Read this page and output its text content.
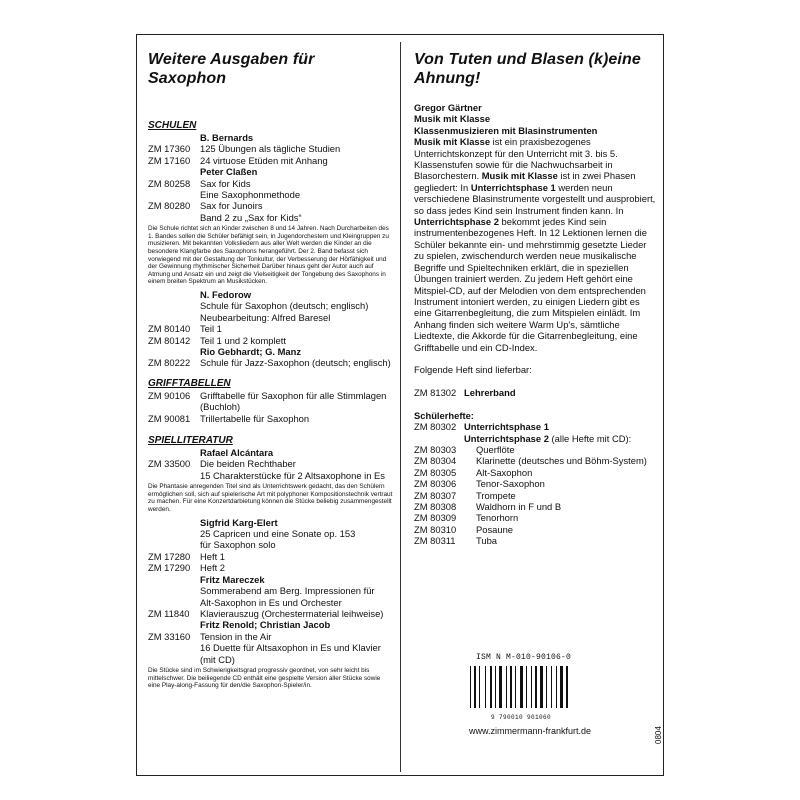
Weitere Ausgaben für Saxophon
SCHULEN
B. Bernards
ZM 17360	125 Übungen als tägliche Studien
ZM 17160	24 virtuose Etüden mit Anhang
Peter Claßen
ZM 80258	Sax for Kids
Eine Saxophonmethode
ZM 80280	Sax for Junoirs
Band 2 zu „Sax for Kids“
Die Schule richtet sich an Kinder zwischen 8 und 14 Jahren. Nach Durcharbeiten des 1. Bandes sollen die Schüler befähigt sein, in Jugendorchestern und Kleingruppen zu musizieren. Mit bekannten Volksliedern aus aller Welt werden die Kinder an die besondere Klangfarbe des Saxophons herangeführt. Der 2. Band befasst sich vorwiegend mit der Gestaltung der Tonkultur, der Verbesserung der Hörfähigkeit und der Gewinnung rhythmischer Sicherheit Darüber hinaus geht der Autor auch auf Atmung und Ansatz ein und zeigt die Vielseitigkeit der Tongebung des Saxophons in einem breiten Spektrum an Musikstücken.
N. Fedorow
Schule für Saxophon (deutsch; englisch)
Neubearbeitung: Alfred Baresel
ZM 80140	Teil 1
ZM 80142	Teil 1 und 2 komplett
Rio Gebhardt; G. Manz
ZM 80222	Schule für Jazz-Saxophon (deutsch; englisch)
GRIFFTABELLEN
ZM 90106	Grifftabelle für Saxophon für alle Stimmlagen
(Buchloh)
ZM 90081	Trillertabelle für Saxophon
SPIELLITERATUR
Rafael Alcántara
ZM 33500	Die beiden Rechthaber
15 Charakterstücke für 2 Altsaxophone in Es
Die Phantasie anregenden Titel sind als Unterrichtswerk gedacht, das den Schülern ermöglichen soll, sich auf spielerische Art mit polyphoner Kompositionstechnik vertraut zu machen. Für eine Konzertdarbietung können die Stücke beliebig zusammengestellt werden.
Sigfrid Karg-Elert
25 Capricen und eine Sonate op. 153
für Saxophon solo
ZM 17280	Heft 1
ZM 17290	Heft 2
Fritz Mareczek
Sommerabend am Berg. Impressionen für
Alt-Saxophon in Es und Orchester
ZM 11840	Klavierauszug (Orchestermaterial leihweise)
Fritz Renold; Christian Jacob
ZM 33160	Tension in the Air
16 Duette für Altsaxophon in Es und Klavier
(mit CD)
Die Stücke sind im Schwierigkeitsgrad progressiv geordnet, von sehr leicht bis mittelschwer. Die beiliegende CD enthält eine gespielte Version aller Stücke sowie eine Play-along-Fassung für den/die Saxophon-Spieler/in.
Von Tuten und Blasen (k)eine Ahnung!
Gregor Gärtner
Musik mit Klasse
Klassenmusizieren mit Blasinstrumenten
Musik mit Klasse ist ein praxisbezogenes Unterrichtskonzept für den Unterricht mit 3. bis 5. Klassenstufen sowie für die Nachwuchsarbeit in Blasorchestern. Musik mit Klasse ist in zwei Phasen gegliedert: In Unterrichtsphase 1 werden neun verschiedene Blasinstrumente vorgestellt und ausprobiert, so dass jedes Kind sein Instrument finden kann. In Unterrichtsphase 2 bekommt jedes Kind sein instrumentenbezogenes Heft. In 12 Lektionen lernen die Schüler bekannte ein- und mehrstimmig gesetzte Lieder zu spielen, zwischendurch werden neue musikalische Begriffe und Spieltechniken erklärt, die in speziellen Übungen trainiert werden. Zu jedem Heft gehört eine Mitspiel-CD, auf der Melodien von dem entsprechenden Instrument intoniert werden, zu einigen Liedern gibt es eine Gitarrenbegleitung, die zum Mitspielen einlädt. Im Anhang finden sich weitere Warm Up's, sämtliche Liedtexte, die Akkorde für die Gitarrenbegleitung, eine Grifftabelle und ein CD-Index.
Folgende Heft sind lieferbar:
ZM 81302 Lehrerband
Schülerhefte:
ZM 80302 Unterrichtsphase 1
Unterrichtsphase 2 (alle Hefte mit CD):
ZM 80303	Querflöte
ZM 80304	Klarinette (deutsches und Böhm-System)
ZM 80305	Alt-Saxophon
ZM 80306	Tenor-Saxophon
ZM 80307	Trompete
ZM 80308	Waldhorn in F und B
ZM 80309	Tenorhorn
ZM 80310	Posaune
ZM 80311	Tuba
ISM N M-010-90106-0
9 790010 901060
www.zimmermann-frankfurt.de	0804
